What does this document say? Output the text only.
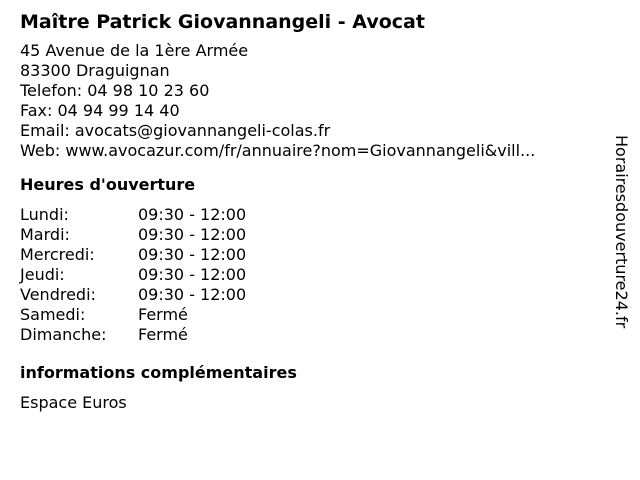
Maître Patrick Giovannangeli - Avocat
45 Avenue de la 1ère Armée
83300 Draguignan
Telefon: 04 98 10 23 60
Fax: 04 94 99 14 40
Email: avocats@giovannangeli-colas.fr
Web: www.avocazur.com/fr/annuaire?nom=Giovannangeli&vill...
Heures d'ouverture
Lundi:	09:30 - 12:00
Mardi:	09:30 - 12:00
Mercredi:	09:30 - 12:00
Jeudi:	09:30 - 12:00
Vendredi:	09:30 - 12:00
Samedi:	Fermé
Dimanche:	Fermé
informations complémentaires
Espace Euros
Horairesdouverture24.fr
